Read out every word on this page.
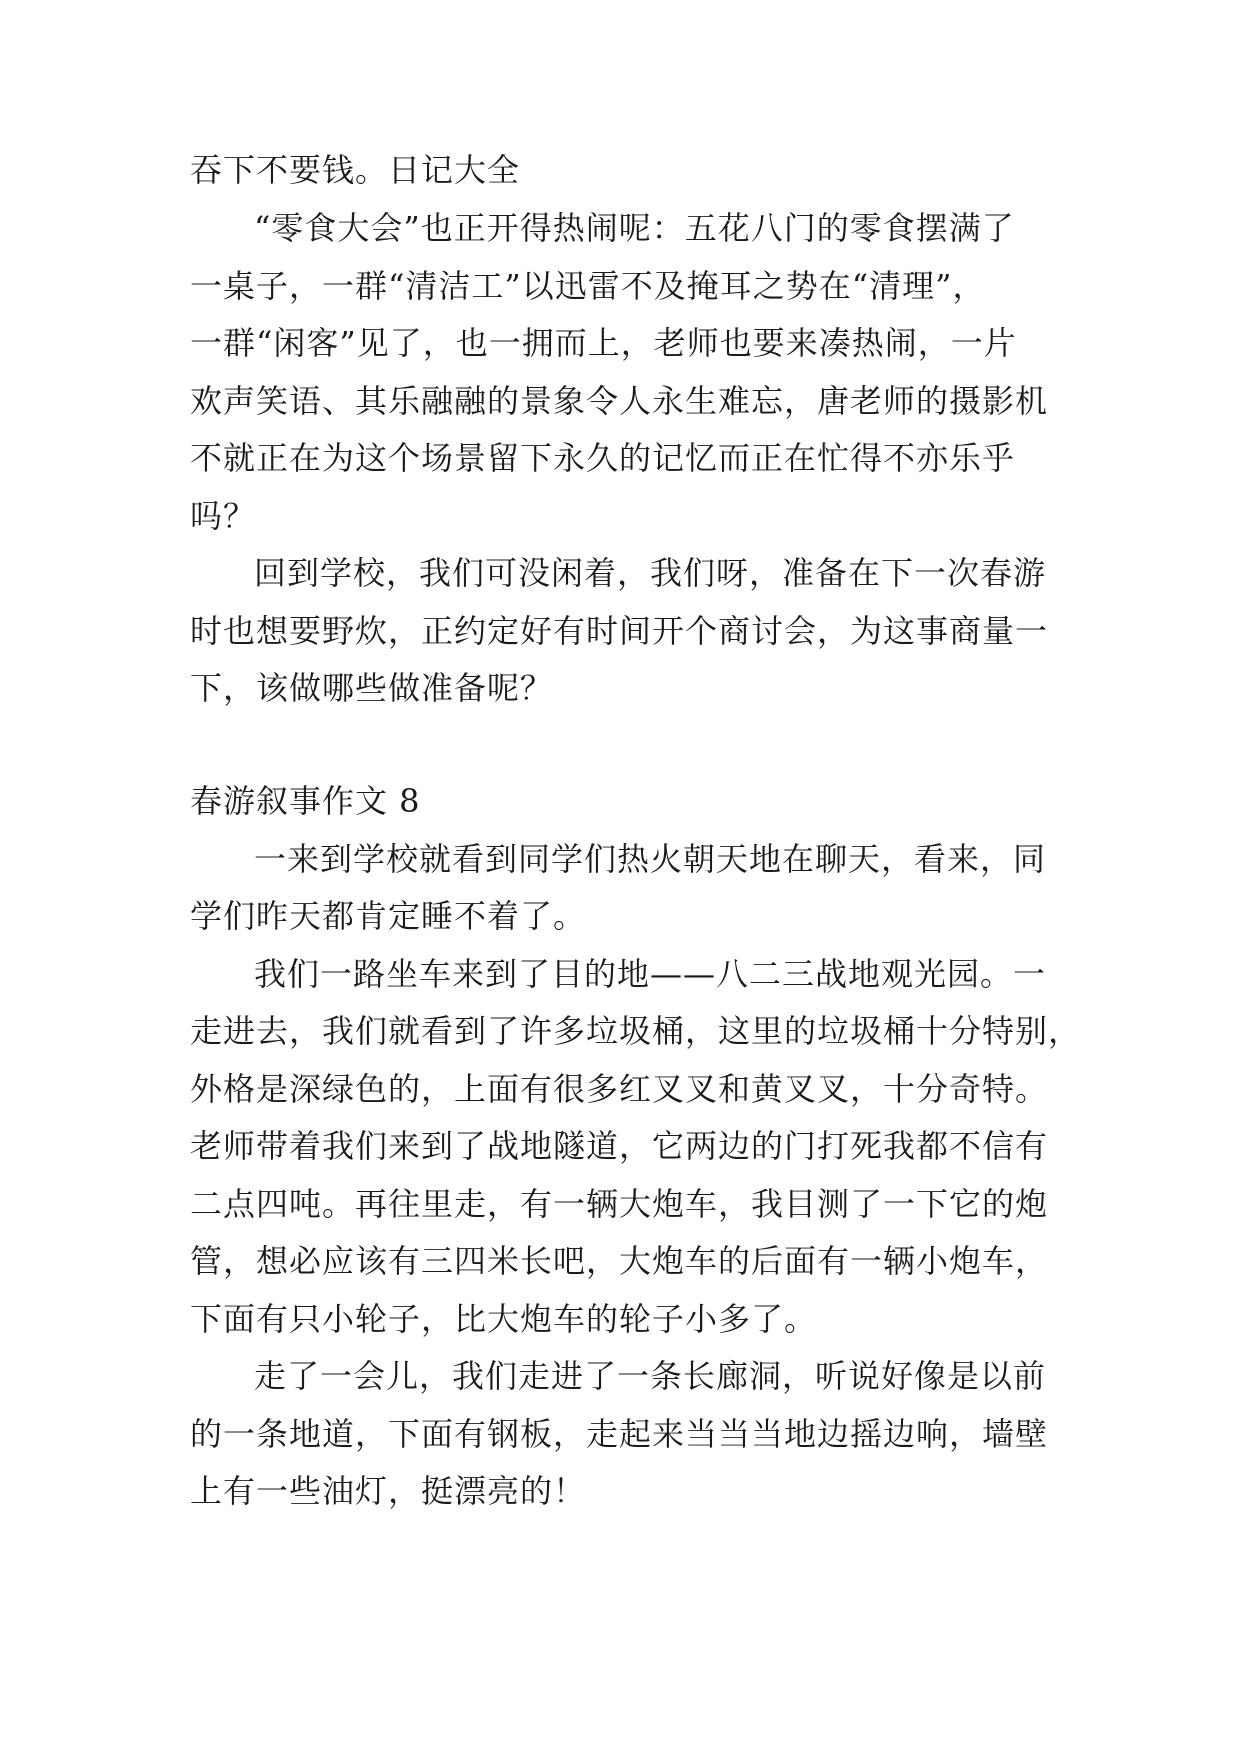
吞下不要钱。日记大全
“零食大会”也正开得热闹呢：五花八门的零食摆满了
一桌子，一群“清洁工”以迅雷不及掩耳之势在“清理”，
一群“闲客”见了，也一拥而上，老师也要来凑热闹，一片
欢声笑语、其乐融融的景象令人永生难忘，唐老师的摄影机
不就正在为这个场景留下永久的记忆而正在忙得不亦乐乎
吗？
回到学校，我们可没闲着，我们呀，准备在下一次春游
时也想要野炊，正约定好有时间开个商讨会，为这事商量一
下，该做哪些做准备呢？
春游叙事作文 8
一来到学校就看到同学们热火朝天地在聊天，看来，同
学们昨天都肯定睡不着了。
我们一路坐车来到了目的地——八二三战地观光园。一
走进去，我们就看到了许多垃圾桶，这里的垃圾桶十分特别，
外格是深绿色的，上面有很多红叉叉和黄叉叉，十分奇特。
老师带着我们来到了战地隧道，它两边的门打死我都不信有
二点四吨。再往里走，有一辆大炮车，我目测了一下它的炮
管，想必应该有三四米长吧，大炮车的后面有一辆小炮车，
下面有只小轮子，比大炮车的轮子小多了。
走了一会儿，我们走进了一条长廊洞，听说好像是以前
的一条地道，下面有钢板，走起来当当当地边摇边响，墙壁
上有一些油灯，挺漂亮的！
